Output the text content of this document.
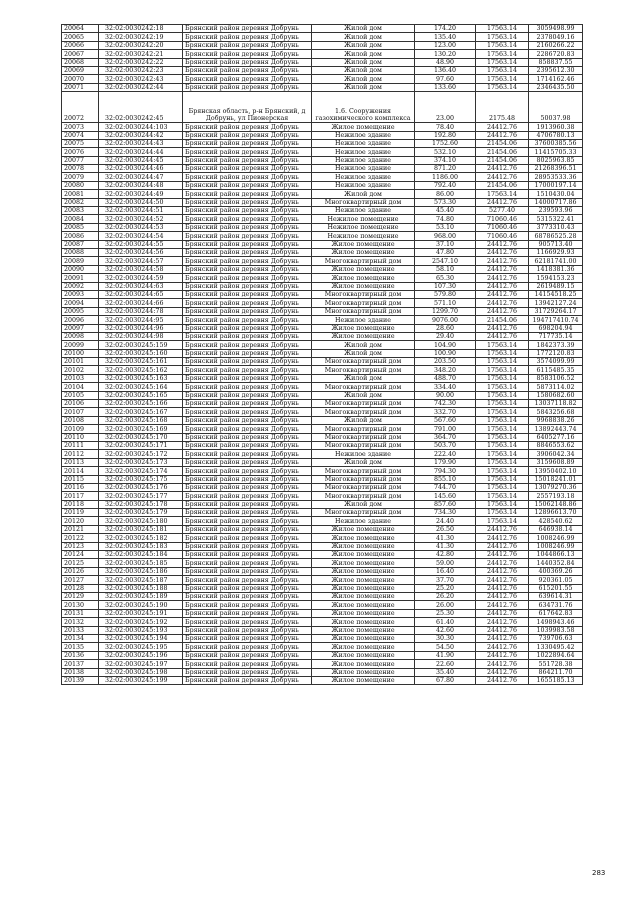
20064	32:02:0030242:18	Брянский район деревня Добрунь	Жилой дом	174.20	17563.14	3059498.99
20065	32:02:0030242:19	Брянский район деревня Добрунь	Жилой дом	135.40	17563.14	2378049.16
20066	32:02:0030242:20	Брянский район деревня Добрунь	Жилой дом	123.00	17563.14	2160266.22
20067	32:02:0030242:21	Брянский район деревня Добрунь	Жилой дом	130.20	17563.14	2286720.83
20068	32:02:0030242:22	Брянский район деревня Добрунь	Жилой дом	48.90	17563.14	858837.55
20069	32:02:0030242:23	Брянский район деревня Добрунь	Жилой дом	136.40	17563.14	2395612.30
20070	32:02:0030242:43	Брянский район деревня Добрунь	Жилой дом	97.60	17563.14	1714162.46
20071	32:02:0030242:44	Брянский район деревня Добрунь	Жилой дом	133.60	17563.14	2346435.50
20072	32:02:0030242:45	Брянская область, р-н Брянский, д Добрунь, ул Пионерская	1.6. Сооружения газохимического комплекса	23.00	2175.48	50037.98
20073	32:02:0030244:103	Брянский район деревня Добрунь	Жилое помещение	78.40	24412.76	1913960.38
20074	32:02:0030244:42	Брянский район деревня Добрунь	Нежилое здание	192.80	24412.76	4706780.13
20075	32:02:0030244:43	Брянский район деревня Добрунь	Нежилое здание	1752.60	21454.06	37600385.56
20076	32:02:0030244:44	Брянский район деревня Добрунь	Нежилое здание	532.10	21454.06	11415705.33
20077	32:02:0030244:45	Брянский район деревня Добрунь	Нежилое здание	374.10	21454.06	8025963.85
20078	32:02:0030244:46	Брянский район деревня Добрунь	Нежилое здание	871.20	24412.76	21268396.51
20079	32:02:0030244:47	Брянский район деревня Добрунь	Нежилое здание	1186.00	24412.76	28953533.36
20080	32:02:0030244:48	Брянский район деревня Добрунь	Нежилое здание	792.40	21454.06	17000197.14
20081	32:02:0030244:49	Брянский район деревня Добрунь	Жилой дом	86.00	17563.14	1510430.04
20082	32:02:0030244:50	Брянский район деревня Добрунь	Многоквартирный дом	573.30	24412.76	14000717.86
20083	32:02:0030244:51	Брянский район деревня Добрунь	Нежилое здание	45.40	5277.40	239593.96
20084	32:02:0030244:52	Брянский район деревня Добрунь	Нежилое помещение	74.80	71060.46	5315322.41
20085	32:02:0030244:53	Брянский район деревня Добрунь	Нежилое помещение	53.10	71060.46	3773310.43
20086	32:02:0030244:54	Брянский район деревня Добрунь	Нежилое помещение	968.00	71060.46	68786525.28
20087	32:02:0030244:55	Брянский район деревня Добрунь	Жилое помещение	37.10	24412.76	905713.40
20088	32:02:0030244:56	Брянский район деревня Добрунь	Жилое помещение	47.80	24412.76	1166929.93
20089	32:02:0030244:57	Брянский район деревня Добрунь	Многоквартирный дом	2547.10	24412.76	62181741.00
20090	32:02:0030244:58	Брянский район деревня Добрунь	Жилое помещение	58.10	24412.76	1418381.36
20091	32:02:0030244:59	Брянский район деревня Добрунь	Жилое помещение	65.30	24412.76	1594153.23
20092	32:02:0030244:63	Брянский район деревня Добрунь	Жилое помещение	107.30	24412.76	2619489.15
20093	32:02:0030244:65	Брянский район деревня Добрунь	Многоквартирный дом	579.80	24412.76	14154518.25
20094	32:02:0030244:66	Брянский район деревня Добрунь	Многоквартирный дом	571.10	24412.76	13942127.24
20095	32:02:0030244:78	Брянский район деревня Добрунь	Многоквартирный дом	1299.70	24412.76	31729264.17
20096	32:02:0030244:95	Брянский район деревня Добрунь	Нежилое здание	9076.00	21454.06	194717410.74
20097	32:02:0030244:96	Брянский район деревня Добрунь	Жилое помещение	28.60	24412.76	698204.94
20098	32:02:0030244:98	Брянский район деревня Добрунь	Жилое помещение	29.40	24412.76	717735.14
20099	32:02:0030245:159	Брянский район деревня Добрунь	Жилой дом	104.90	17563.14	1842373.39
20100	32:02:0030245:160	Брянский район деревня Добрунь	Жилой дом	100.90	17563.14	1772120.83
20101	32:02:0030245:161	Брянский район деревня Добрунь	Многоквартирный дом	203.50	17563.14	3574099.99
20102	32:02:0030245:162	Брянский район деревня Добрунь	Многоквартирный дом	348.20	17563.14	6115485.35
20103	32:02:0030245:163	Брянский район деревня Добрунь	Жилой дом	488.70	17563.14	8583106.52
20104	32:02:0030245:164	Брянский район деревня Добрунь	Многоквартирный дом	334.40	17563.14	5873114.02
20105	32:02:0030245:165	Брянский район деревня Добрунь	Жилой дом	90.00	17563.14	1580682.60
20106	32:02:0030245:166	Брянский район деревня Добрунь	Многоквартирный дом	742.30	17563.14	13037118.82
20107	32:02:0030245:167	Брянский район деревня Добрунь	Многоквартирный дом	332.70	17563.14	5843256.68
20108	32:02:0030245:168	Брянский район деревня Добрунь	Жилой дом	567.60	17563.14	9968838.26
20109	32:02:0030245:169	Брянский район деревня Добрунь	Многоквартирный дом	791.00	17563.14	13892443.74
20110	32:02:0030245:170	Брянский район деревня Добрунь	Многоквартирный дом	364.70	17563.14	6405277.16
20111	32:02:0030245:171	Брянский район деревня Добрунь	Многоквартирный дом	503.70	17563.14	8846553.62
20112	32:02:0030245:172	Брянский район деревня Добрунь	Нежилое здание	222.40	17563.14	3906042.34
20113	32:02:0030245:173	Брянский район деревня Добрунь	Жилой дом	179.90	17563.14	3159608.89
20114	32:02:0030245:174	Брянский район деревня Добрунь	Многоквартирный дом	794.30	17563.14	13950402.10
20115	32:02:0030245:175	Брянский район деревня Добрунь	Многоквартирный дом	855.10	17563.14	15018241.01
20116	32:02:0030245:176	Брянский район деревня Добрунь	Многоквартирный дом	744.70	17563.14	13079270.36
20117	32:02:0030245:177	Брянский район деревня Добрунь	Многоквартирный дом	145.60	17563.14	2557193.18
20118	32:02:0030245:178	Брянский район деревня Добрунь	Жилой дом	857.60	17563.14	15062148.86
20119	32:02:0030245:179	Брянский район деревня Добрунь	Многоквартирный дом	734.30	17563.14	12896613.70
20120	32:02:0030245:180	Брянский район деревня Добрунь	Нежилое здание	24.40	17563.14	428540.62
20121	32:02:0030245:181	Брянский район деревня Добрунь	Жилое помещение	26.50	24412.76	646938.14
20122	32:02:0030245:182	Брянский район деревня Добрунь	Жилое помещение	41.30	24412.76	1008246.99
20123	32:02:0030245:183	Брянский район деревня Добрунь	Жилое помещение	41.30	24412.76	1008246.99
20124	32:02:0030245:184	Брянский район деревня Добрунь	Жилое помещение	42.80	24412.76	1044866.13
20125	32:02:0030245:185	Брянский район деревня Добрунь	Жилое помещение	59.00	24412.76	1440352.84
20126	32:02:0030245:186	Брянский район деревня Добрунь	Жилое помещение	16.40	24412.76	400369.26
20127	32:02:0030245:187	Брянский район деревня Добрунь	Жилое помещение	37.70	24412.76	920361.05
20128	32:02:0030245:188	Брянский район деревня Добрунь	Жилое помещение	25.20	24412.76	615201.55
20129	32:02:0030245:189	Брянский район деревня Добрунь	Жилое помещение	26.20	24412.76	639614.31
20130	32:02:0030245:190	Брянский район деревня Добрунь	Жилое помещение	26.00	24412.76	634731.76
20131	32:02:0030245:191	Брянский район деревня Добрунь	Жилое помещение	25.30	24412.76	617642.83
20132	32:02:0030245:192	Брянский район деревня Добрунь	Жилое помещение	61.40	24412.76	1498943.46
20133	32:02:0030245:193	Брянский район деревня Добрунь	Жилое помещение	42.60	24412.76	1039983.58
20134	32:02:0030245:194	Брянский район деревня Добрунь	Жилое помещение	30.30	24412.76	739706.63
20135	32:02:0030245:195	Брянский район деревня Добрунь	Жилое помещение	54.50	24412.76	1330495.42
20136	32:02:0030245:196	Брянский район деревня Добрунь	Жилое помещение	41.90	24412.76	1022894.64
20137	32:02:0030245:197	Брянский район деревня Добрунь	Жилое помещение	22.60	24412.76	551728.38
20138	32:02:0030245:198	Брянский район деревня Добрунь	Жилое помещение	35.40	24412.76	864211.70
20139	32:02:0030245:199	Брянский район деревня Добрунь	Жилое помещение	67.80	24412.76	1655185.13
283
